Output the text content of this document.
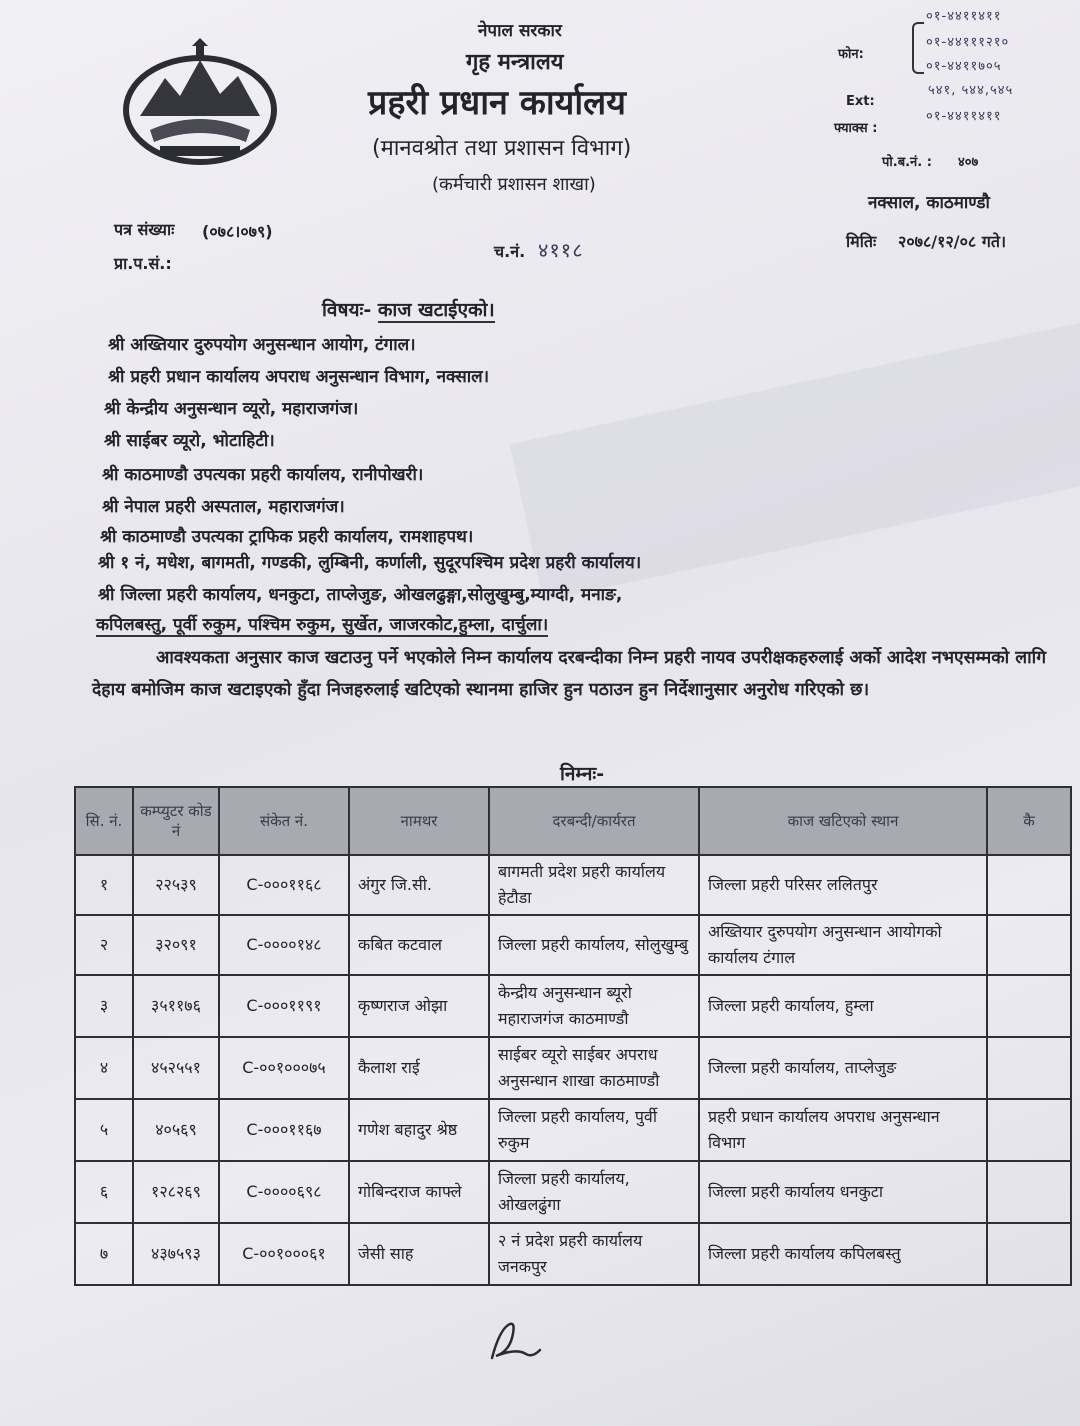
नेपाल सरकार
गृह मन्त्रालय
प्रहरी प्रधान कार्यालय
(मानवश्रोत तथा प्रशासन विभाग)
(कर्मचारी प्रशासन शाखा)
फोन:
०१-४४११४११
०१-४४१११२१०
०१-४४११७०५
Ext:
५४१, ५४४,५४५
फ्याक्स :
०१-४४११४११
पो.ब.नं. : ४०७
नक्साल, काठमाण्डौ
मितिः २०७८/१२/०८ गते।
पत्र संख्याः (०७८।०७९)
प्रा.प.सं.:
च.नं. ४११८
विषयः- काज खटाईएको।
श्री अख्तियार दुरुपयोग अनुसन्धान आयोग, टंगाल।
श्री प्रहरी प्रधान कार्यालय अपराध अनुसन्धान विभाग, नक्साल।
श्री केन्द्रीय अनुसन्धान व्यूरो, महाराजगंज।
श्री साईबर व्यूरो, भोटाहिटी।
श्री काठमाण्डौ उपत्यका प्रहरी कार्यालय, रानीपोखरी।
श्री नेपाल प्रहरी अस्पताल, महाराजगंज।
श्री काठमाण्डौ उपत्यका ट्राफिक प्रहरी कार्यालय, रामशाहपथ।
श्री १ नं, मधेश, बागमती, गण्डकी, लुम्बिनी, कर्णाली, सुदूरपश्चिम प्रदेश प्रहरी कार्यालय।
श्री जिल्ला प्रहरी कार्यालय, धनकुटा, ताप्लेजुङ, ओखलढुङ्गा,सोलुखुम्बु,म्याग्दी, मनाङ,
कपिलबस्तु, पूर्वी रुकुम, पश्चिम रुकुम, सुर्खेत, जाजरकोट,हुम्ला, दार्चुला।
आवश्यकता अनुसार काज खटाउनु पर्ने भएकोले निम्न कार्यालय दरबन्दीका निम्न प्रहरी नायव उपरीक्षकहरुलाई अर्को आदेश नभएसम्मको लागि देहाय बमोजिम काज खटाइएको हुँदा निजहरुलाई खटिएको स्थानमा हाजिर हुन पठाउन हुन निर्देशानुसार अनुरोध गरिएको छ।
निम्नः-
सि. नं.	कम्प्युटर कोड नं	संकेत नं.	नामथर	दरबन्दी/कार्यरत	काज खटिएको स्थान	कै
१	२२५३९	C-०००११६८	अंगुर जि.सी.	बागमती प्रदेश प्रहरी कार्यालय हेटौडा	जिल्ला प्रहरी परिसर ललितपुर	
२	३२०९१	C-००००१४८	कबित कटवाल	जिल्ला प्रहरी कार्यालय, सोलुखुम्बु	अख्तियार दुरुपयोग अनुसन्धान आयोगको कार्यालय टंगाल	
३	३५११७६	C-०००११९१	कृष्णराज ओझा	केन्द्रीय अनुसन्धान ब्यूरो महाराजगंज काठमाण्डौ	जिल्ला प्रहरी कार्यालय, हुम्ला	
४	४५२५५१	C-००१०००७५	कैलाश राई	साईबर व्यूरो साईबर अपराध अनुसन्धान शाखा काठमाण्डौ	जिल्ला प्रहरी कार्यालय, ताप्लेजुङ	
५	४०५६९	C-०००११६७	गणेश बहादुर श्रेष्ठ	जिल्ला प्रहरी कार्यालय, पुर्वी रुकुम	प्रहरी प्रधान कार्यालय अपराध अनुसन्धान विभाग	
६	१२८२६९	C-००००६९८	गोबिन्दराज काफ्ले	जिल्ला प्रहरी कार्यालय, ओखलढुंगा	जिल्ला प्रहरी कार्यालय धनकुटा	
७	४३७५९३	C-००१०००६१	जेसी साह	२ नं प्रदेश प्रहरी कार्यालय जनकपुर	जिल्ला प्रहरी कार्यालय कपिलबस्तु	
